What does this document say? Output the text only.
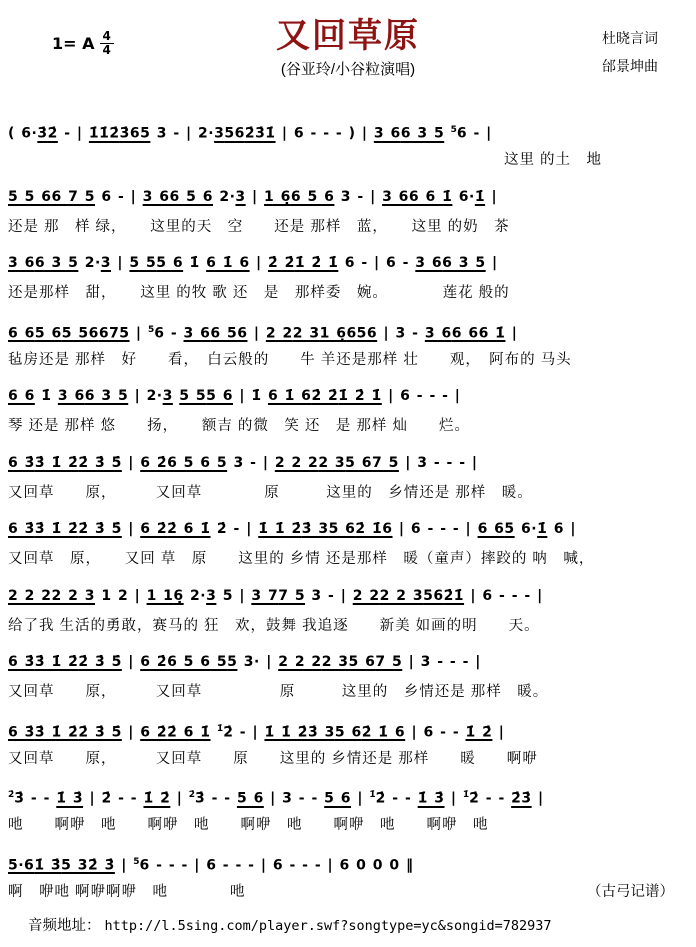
1= A $\frac{4}{4}$	又回草原
(谷亚玲/小谷粒演唱)
杜晓言词
邰景坤曲
( 6·3̇2̇ - | 1̇1̇2̇3̇65 3 - | 2·3562̇3̇1̇ | 6 - - - ) | 3 66 3 5 $^5$6 - |
　　　　　　　　　　　　　　　　　　　　　　　　　　　　　　　　这里 的土　地
5 5 66 7 5 6 - | 3 66 5 6 2·3 | 1 6̣6 5 6 3 - | 3 66 6 1̇ 6·1̇ |
还是 那　样 绿，　　这里的天　空　　还是 那样　蓝，　　这里 的奶　茶
3 66 3 5 2·3 | 5 55 6 1̇ 6 1̇ 6 | 2̇ 2̇1̇ 2̇ 1̇ 6 - | 6 - 3 66 3 5 |
还是那样　甜，　　这里 的牧 歌 还　是　那样委　婉。　　　　莲花 般的
6 65 65 56675 | $^5$6 - 3 66 56 | 2 22 31 6̣656 | 3 - 3 66 66 1̇ |
毡房还是 那样　好　　看，　白云般的　　牛 羊还是那样 壮　　观，　阿布的 马头
6 6 1̇ 3 66 3 5 | 2·3 5 55 6 | 1̇ 6 1̇ 62̇ 2̇1̇ 2̇ 1̇ | 6 - - - |
琴 还是 那样 悠　　扬，　　额吉 的微　笑 还　是 那样 灿　　烂。
6 3̇3̇ 1̇ 2̇2̇ 3̇ 5̇ | 6 2̇6 5 6 5 3 - | 2 2 22 35 67 5 | 3 - - - |
又回草　　原，　　　又回草　　　　原　　　这里的　乡情还是 那样　暖。
6 3̇3̇ 1̇ 2̇2̇ 3̇ 5̇ | 6 2̇2̇ 6 1̇ 2̇ - | 1̇ 1̇ 2̇3̇ 35 62̇ 1̇6 | 6 - - - | 6 65 6·1̇ 6 |
又回草　原，　　又回 草　原　　这里的 乡情 还是那样　暖（童声）摔跤的 呐　喊，
2 2 22 2 3 1 2 | 1 16̣ 2·3 5 | 3 77 5 3 - | 2 22 2 3562̇1̇ | 6 - - - |
给了我 生活的勇敢，赛马的 狂　欢，鼓舞 我追逐　　新美 如画的明　　天。
6 3̇3̇ 1̇ 2̇2̇ 3̇ 5̇ | 6 2̇6 5 6 55 3· | 2 2 22 35 67 5 | 3 - - - |
又回草　　原，　　　又回草　　　　　原　　　这里的　乡情还是 那样　暖。
6 3̇3̇ 1̇ 2̇2̇ 3̇ 5̇ | 6 2̇2̇ 6 1̇ $^{1̇}$2̇ - | 1̇ 1̇ 2̇3̇ 35 62̇ 1̇ 6 | 6 - - 1̇ 2̇ |
又回草　　原，　　　又回草　　原　　这里的 乡情还是 那样　　暖　　啊咿
$^{2̇}$3̇ - - 1̇ 3̇ | 2̇ - - 1̇ 2̇ | $^{2̇}$3̇ - - 5 6 | 3 - - 5 6 | $^{1̇}$2̇ - - 1̇ 3̇ | $^{1̇}$2̇ - - 2̇3̇ |
吔　　啊咿　吔　　啊咿　吔　　啊咿　吔　　啊咿　吔　　啊咿　吔
5·61̇ 3̇5 32̇ 3̇ | $^5$6 - - - | 6 - - - | 6 - - - | 6 0 0 0 ‖
啊　咿吔 啊咿啊咿　吔　　　　吔	（古弓记谱）
音频地址： http://l.5sing.com/player.swf?songtype=yc&songid=782937
